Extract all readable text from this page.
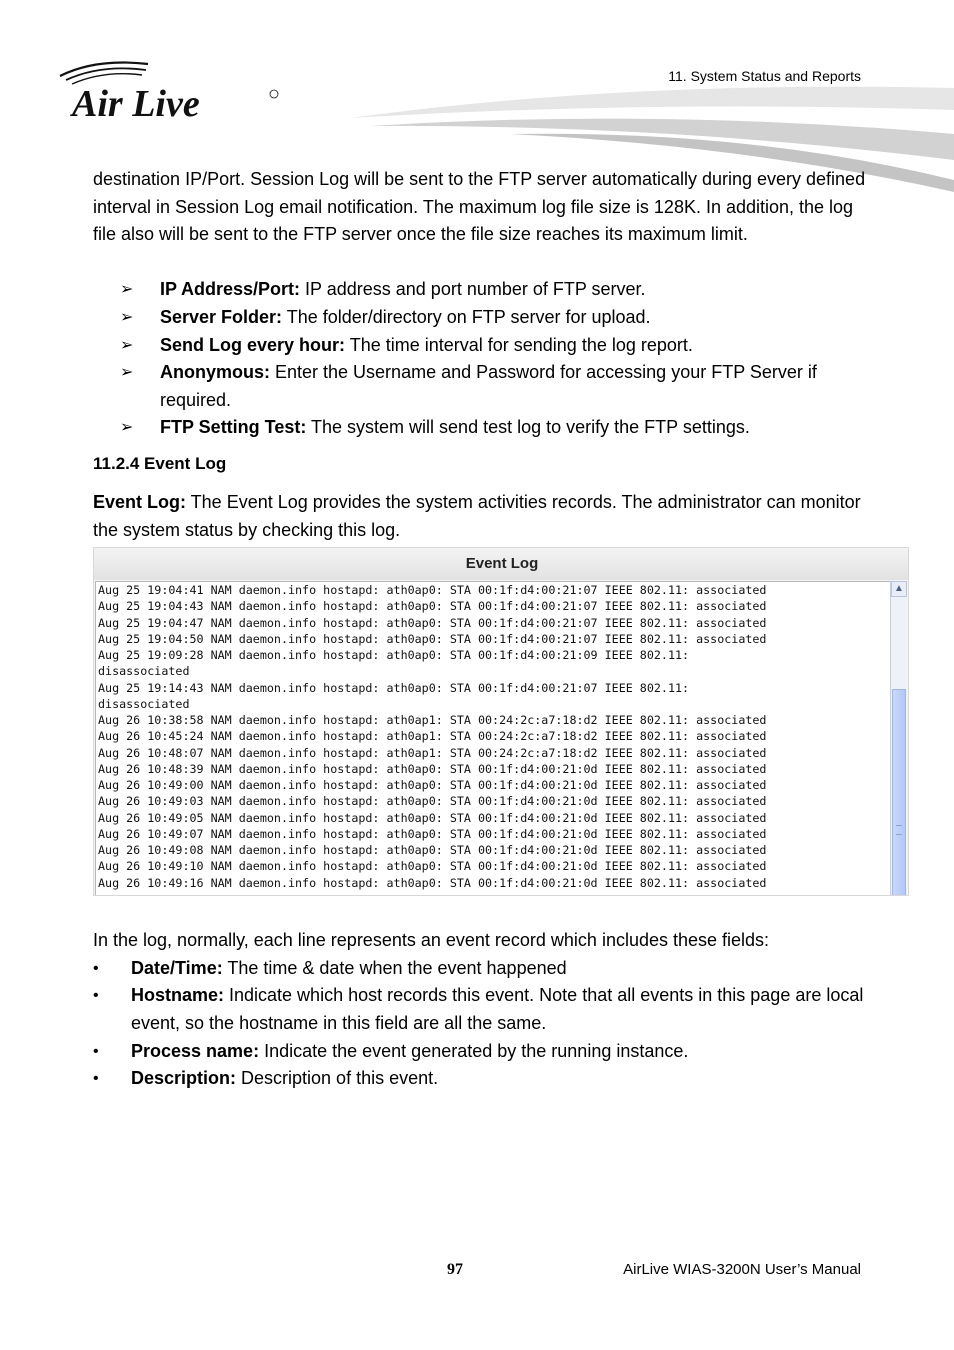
Air Live
11. System Status and Reports
destination IP/Port. Session Log will be sent to the FTP server automatically during every defined interval in Session Log email notification. The maximum log file size is 128K. In addition, the log file also will be sent to the FTP server once the file size reaches its maximum limit.
➢ IP Address/Port: IP address and port number of FTP server.
➢ Server Folder: The folder/directory on FTP server for upload.
➢ Send Log every hour: The time interval for sending the log report.
➢ Anonymous: Enter the Username and Password for accessing your FTP Server if required.
➢ FTP Setting Test: The system will send test log to verify the FTP settings.
11.2.4 Event Log
Event Log: The Event Log provides the system activities records. The administrator can monitor the system status by checking this log.
Event Log
Aug 25 19:04:41 NAM daemon.info hostapd: ath0ap0: STA 00:1f:d4:00:21:07 IEEE 802.11: associated
Aug 25 19:04:43 NAM daemon.info hostapd: ath0ap0: STA 00:1f:d4:00:21:07 IEEE 802.11: associated
Aug 25 19:04:47 NAM daemon.info hostapd: ath0ap0: STA 00:1f:d4:00:21:07 IEEE 802.11: associated
Aug 25 19:04:50 NAM daemon.info hostapd: ath0ap0: STA 00:1f:d4:00:21:07 IEEE 802.11: associated
Aug 25 19:09:28 NAM daemon.info hostapd: ath0ap0: STA 00:1f:d4:00:21:09 IEEE 802.11:
disassociated
Aug 25 19:14:43 NAM daemon.info hostapd: ath0ap0: STA 00:1f:d4:00:21:07 IEEE 802.11:
disassociated
Aug 26 10:38:58 NAM daemon.info hostapd: ath0ap1: STA 00:24:2c:a7:18:d2 IEEE 802.11: associated
Aug 26 10:45:24 NAM daemon.info hostapd: ath0ap1: STA 00:24:2c:a7:18:d2 IEEE 802.11: associated
Aug 26 10:48:07 NAM daemon.info hostapd: ath0ap1: STA 00:24:2c:a7:18:d2 IEEE 802.11: associated
Aug 26 10:48:39 NAM daemon.info hostapd: ath0ap0: STA 00:1f:d4:00:21:0d IEEE 802.11: associated
Aug 26 10:49:00 NAM daemon.info hostapd: ath0ap0: STA 00:1f:d4:00:21:0d IEEE 802.11: associated
Aug 26 10:49:03 NAM daemon.info hostapd: ath0ap0: STA 00:1f:d4:00:21:0d IEEE 802.11: associated
Aug 26 10:49:05 NAM daemon.info hostapd: ath0ap0: STA 00:1f:d4:00:21:0d IEEE 802.11: associated
Aug 26 10:49:07 NAM daemon.info hostapd: ath0ap0: STA 00:1f:d4:00:21:0d IEEE 802.11: associated
Aug 26 10:49:08 NAM daemon.info hostapd: ath0ap0: STA 00:1f:d4:00:21:0d IEEE 802.11: associated
Aug 26 10:49:10 NAM daemon.info hostapd: ath0ap0: STA 00:1f:d4:00:21:0d IEEE 802.11: associated
Aug 26 10:49:16 NAM daemon.info hostapd: ath0ap0: STA 00:1f:d4:00:21:0d IEEE 802.11: associated
▲
In the log, normally, each line represents an event record which includes these fields:
• Date/Time: The time & date when the event happened
• Hostname: Indicate which host records this event. Note that all events in this page are local event, so the hostname in this field are all the same.
• Process name: Indicate the event generated by the running instance.
• Description: Description of this event.
97	AirLive WIAS-3200N User’s Manual
